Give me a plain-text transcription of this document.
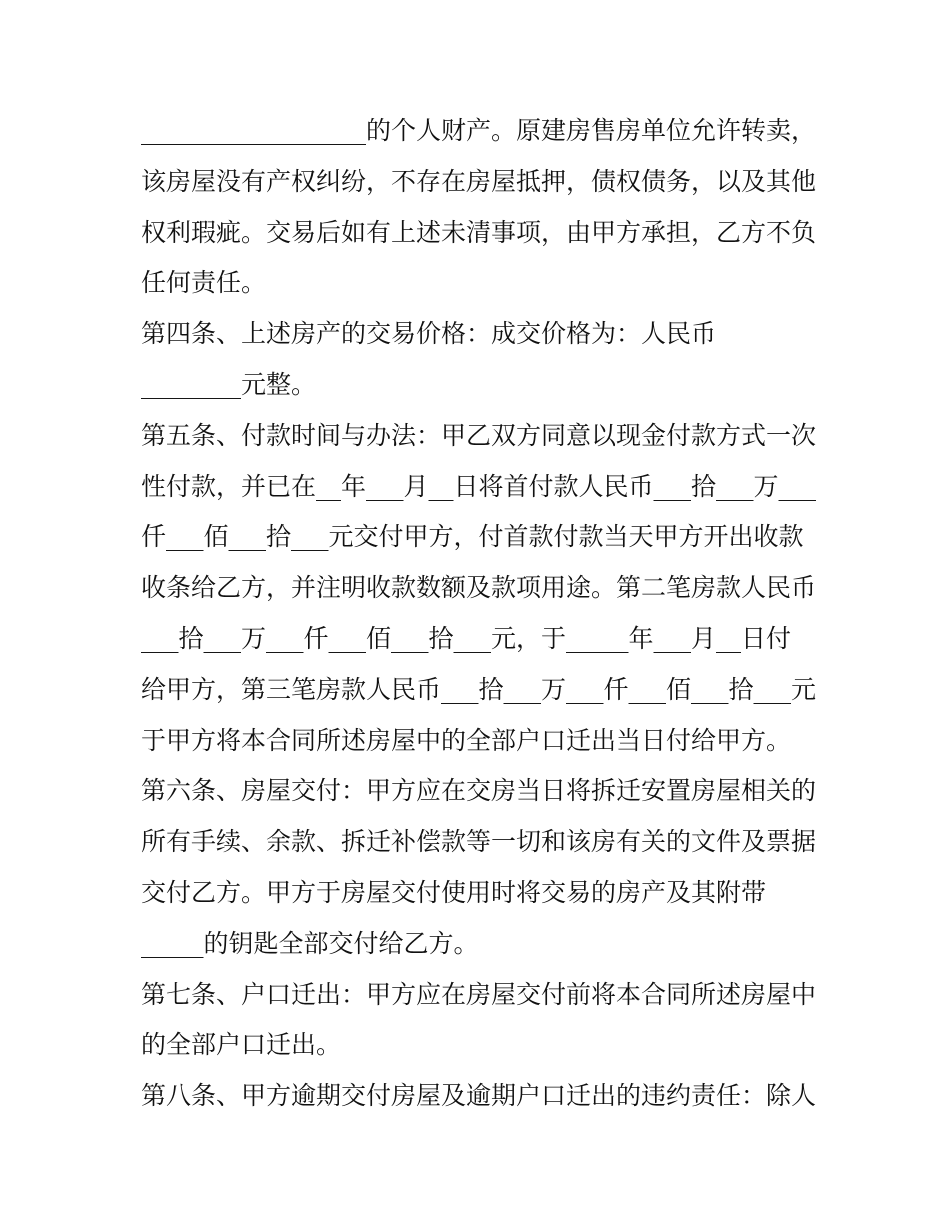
__________________的个人财产。原建房售房单位允许转卖，
该房屋没有产权纠纷，不存在房屋抵押，债权债务，以及其他
权利瑕疵。交易后如有上述未清事项，由甲方承担，乙方不负
任何责任。
第四条、上述房产的交易价格：成交价格为：人民币
________元整。
第五条、付款时间与办法：甲乙双方同意以现金付款方式一次
性付款，并已在__年___月__日将首付款人民币___拾___万___
仟___佰___拾___元交付甲方，付首款付款当天甲方开出收款
收条给乙方，并注明收款数额及款项用途。第二笔房款人民币
___拾___万___仟___佰___拾___元，于_____年___月__日付
给甲方，第三笔房款人民币___拾___万___仟___佰___拾___元
于甲方将本合同所述房屋中的全部户口迁出当日付给甲方。
第六条、房屋交付：甲方应在交房当日将拆迁安置房屋相关的
所有手续、余款、拆迁补偿款等一切和该房有关的文件及票据
交付乙方。甲方于房屋交付使用时将交易的房产及其附带
_____的钥匙全部交付给乙方。
第七条、户口迁出：甲方应在房屋交付前将本合同所述房屋中
的全部户口迁出。
第八条、甲方逾期交付房屋及逾期户口迁出的违约责任：除人
